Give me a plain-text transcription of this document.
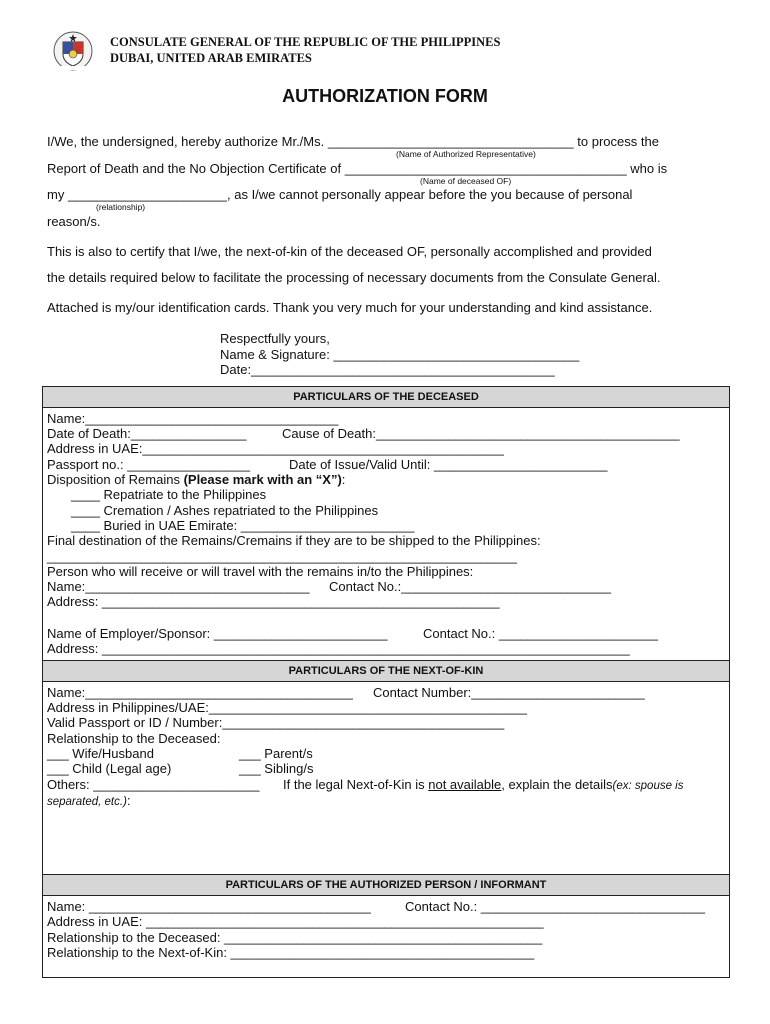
CONSULATE GENERAL OF THE REPUBLIC OF THE PHILIPPINES
DUBAI, UNITED ARAB EMIRATES
AUTHORIZATION FORM
I/We, the undersigned, hereby authorize Mr./Ms. __________________________________ to process the
(Name of Authorized Representative)
Report of Death and the No Objection Certificate of _______________________________________ who is
(Name of deceased OF)
my ______________________, as I/we cannot personally appear before the you because of personal
(relationship)
reason/s.
This is also to certify that I/we, the next-of-kin of the deceased OF, personally accomplished and provided
the details required below to facilitate the processing of necessary documents from the Consulate General.
Attached is my/our identification cards. Thank you very much for your understanding and kind assistance.
Respectfully yours,
Name & Signature: __________________________________
Date:__________________________________________
PARTICULARS OF THE DECEASED
Name:___________________________________
Date of Death:________________	Cause of Death:__________________________________________
Address in UAE:__________________________________________________
Passport no.: _________________	Date of Issue/Valid Until: ________________________
Disposition of Remains (Please mark with an “X”):
____ Repatriate to the Philippines
____ Cremation / Ashes repatriated to the Philippines
____ Buried in UAE Emirate: ________________________
Final destination of the Remains/Cremains if they are to be shipped to the Philippines:
_________________________________________________________________
Person who will receive or will travel with the remains in/to the Philippines:
Name:_______________________________ Contact No.:_____________________________
Address: _______________________________________________________
Name of Employer/Sponsor: ________________________	Contact No.: ______________________
Address: _________________________________________________________________________
PARTICULARS OF THE NEXT-OF-KIN
Name:_____________________________________ Contact Number:________________________
Address in Philippines/UAE:____________________________________________
Valid Passport or ID / Number:_______________________________________
Relationship to the Deceased:
___ Wife/Husband	___ Parent/s
___ Child (Legal age)	___ Sibling/s
Others: _______________________ If the legal Next-of-Kin is not available, explain the details(ex: spouse is
separated, etc.):
PARTICULARS OF THE AUTHORIZED PERSON / INFORMANT
Name: _______________________________________	Contact No.: _______________________________
Address in UAE: _______________________________________________________
Relationship to the Deceased: ____________________________________________
Relationship to the Next-of-Kin: __________________________________________
